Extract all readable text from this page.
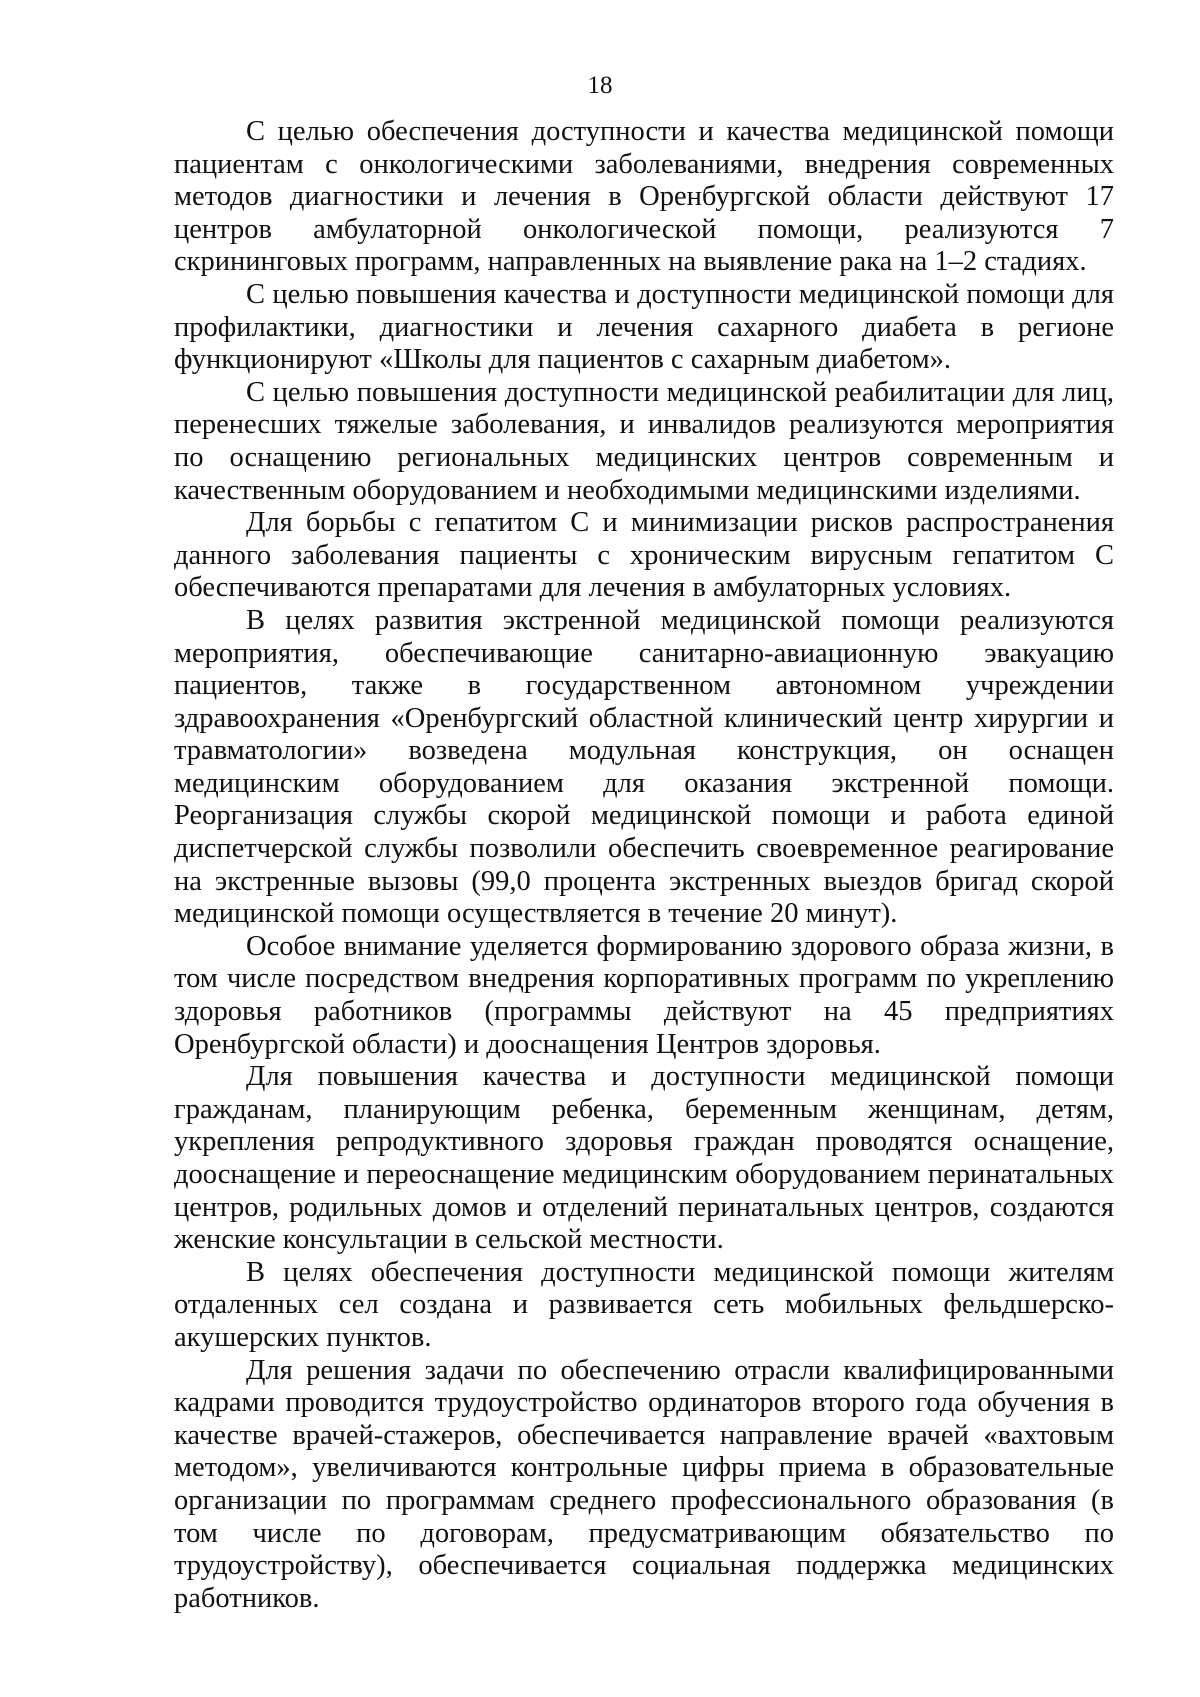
18

С целью обеспечения доступности и качества медицинской помощи пациентам с онкологическими заболеваниями, внедрения современных методов диагностики и лечения в Оренбургской области действуют 17 центров амбулаторной онкологической помощи, реализуются 7 скрининговых программ, направленных на выявление рака на 1–2 стадиях.

С целью повышения качества и доступности медицинской помощи для профилактики, диагностики и лечения сахарного диабета в регионе функционируют «Школы для пациентов с сахарным диабетом».

С целью повышения доступности медицинской реабилитации для лиц, перенесших тяжелые заболевания, и инвалидов реализуются мероприятия по оснащению региональных медицинских центров современным и качественным оборудованием и необходимыми медицинскими изделиями.

Для борьбы с гепатитом С и минимизации рисков распространения данного заболевания пациенты с хроническим вирусным гепатитом С обеспечиваются препаратами для лечения в амбулаторных условиях.

В целях развития экстренной медицинской помощи реализуются мероприятия, обеспечивающие санитарно-авиационную эвакуацию пациентов, также в государственном автономном учреждении здравоохранения «Оренбургский областной клинический центр хирургии и травматологии» возведена модульная конструкция, он оснащен медицинским оборудованием для оказания экстренной помощи. Реорганизация службы скорой медицинской помощи и работа единой диспетчерской службы позволили обеспечить своевременное реагирование на экстренные вызовы (99,0 процента экстренных выездов бригад скорой медицинской помощи осуществляется в течение 20 минут).

Особое внимание уделяется формированию здорового образа жизни, в том числе посредством внедрения корпоративных программ по укреплению здоровья работников (программы действуют на 45 предприятиях Оренбургской области) и дооснащения Центров здоровья.

Для повышения качества и доступности медицинской помощи гражданам, планирующим ребенка, беременным женщинам, детям, укрепления репродуктивного здоровья граждан проводятся оснащение, дооснащение и переоснащение медицинским оборудованием перинатальных центров, родильных домов и отделений перинатальных центров, создаются женские консультации в сельской местности.

В целях обеспечения доступности медицинской помощи жителям отдаленных сел создана и развивается сеть мобильных фельдшерско-акушерских пунктов.

Для решения задачи по обеспечению отрасли квалифицированными кадрами проводится трудоустройство ординаторов второго года обучения в качестве врачей-стажеров, обеспечивается направление врачей «вахтовым методом», увеличиваются контрольные цифры приема в образовательные организации по программам среднего профессионального образования (в том числе по договорам, предусматривающим обязательство по трудоустройству), обеспечивается социальная поддержка медицинских работников.
